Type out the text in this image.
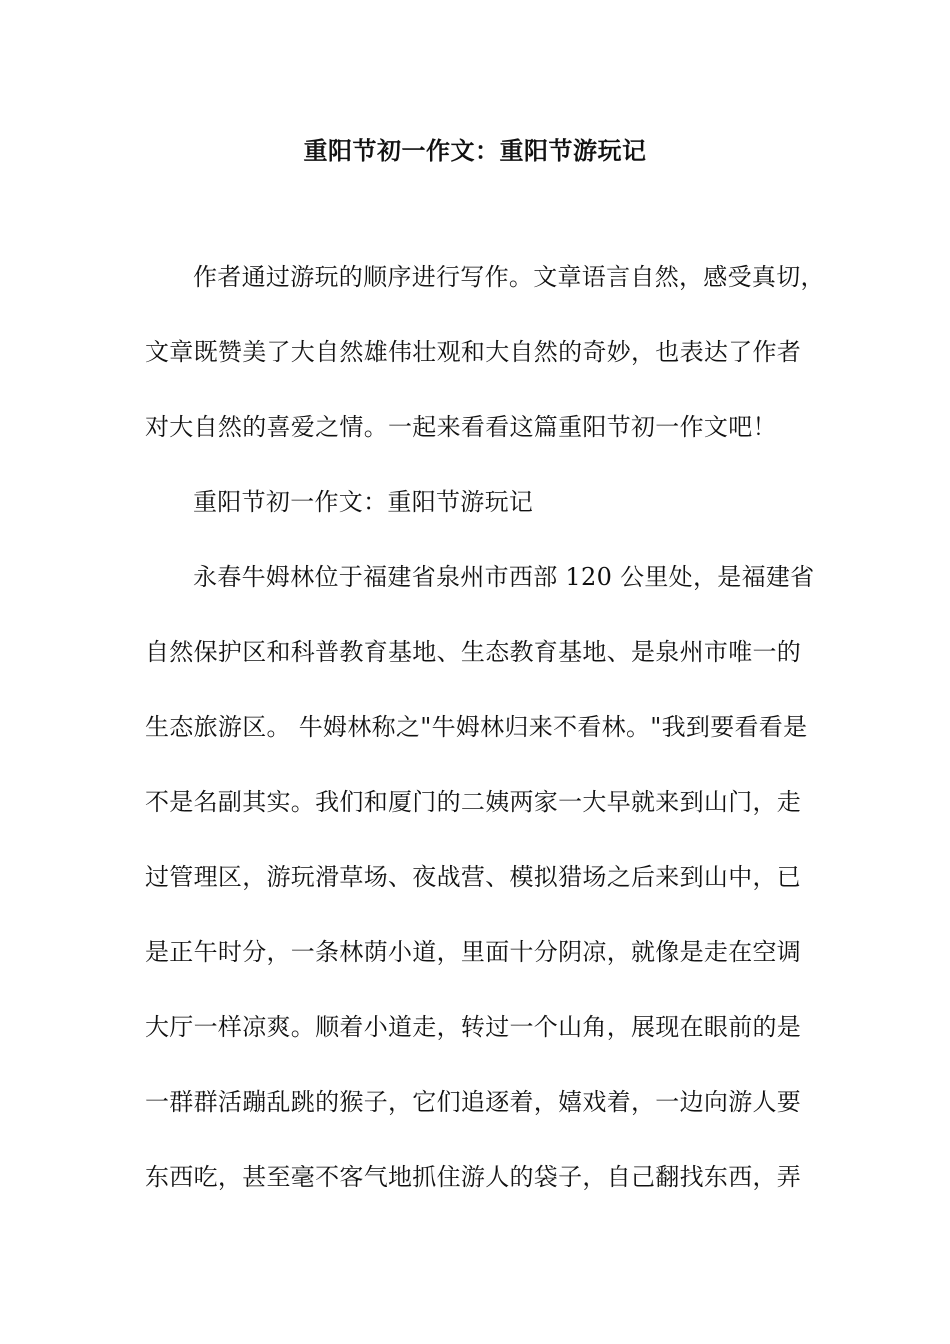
重阳节初一作文：重阳节游玩记
作者通过游玩的顺序进行写作。文章语言自然，感受真切，
文章既赞美了大自然雄伟壮观和大自然的奇妙，也表达了作者
对大自然的喜爱之情。一起来看看这篇重阳节初一作文吧！
重阳节初一作文：重阳节游玩记
永春牛姆林位于福建省泉州市西部 120 公里处，是福建省
自然保护区和科普教育基地、生态教育基地、是泉州市唯一的
生态旅游区。 牛姆林称之"牛姆林归来不看林。"我到要看看是
不是名副其实。我们和厦门的二姨两家一大早就来到山门，走
过管理区，游玩滑草场、夜战营、模拟猎场之后来到山中，已
是正午时分，一条林荫小道，里面十分阴凉，就像是走在空调
大厅一样凉爽。顺着小道走，转过一个山角，展现在眼前的是
一群群活蹦乱跳的猴子，它们追逐着，嬉戏着，一边向游人要
东西吃，甚至毫不客气地抓住游人的袋子，自己翻找东西，弄
